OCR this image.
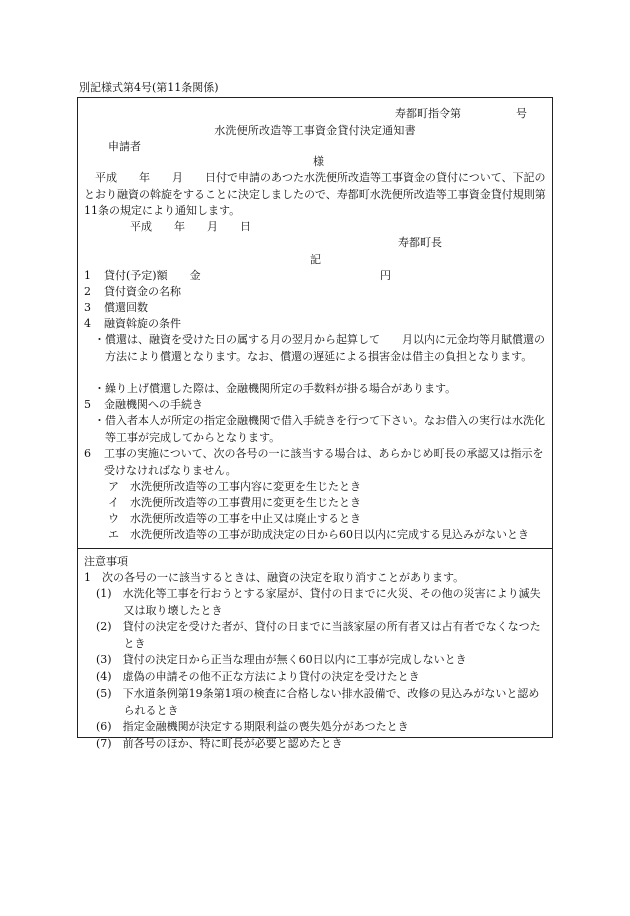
別記様式第4号(第11条関係)
寿都町指令第　　　　　号
水洗便所改造等工事資金貸付決定通知書
申請者
様
平成　　年　　月　　日付で申請のあつた水洗便所改造等工事資金の貸付について、下記のとおり融資の斡旋をすることに決定しましたので、寿都町水洗便所改造等工事資金貸付規則第11条の規定により通知します。
平成　　年　　月　　日
寿都町長
記
1 貸付(予定)額　　金	円
2 貸付資金の名称
3 償還回数
4 融資斡旋の条件
・償還は、融資を受けた日の属する月の翌月から起算して　　月以内に元金均等月賦償還の方法により償還となります。なお、償還の遅延による損害金は借主の負担となります。
・繰り上げ償還した際は、金融機関所定の手数料が掛る場合があります。
5 金融機関への手続き
・借入者本人が所定の指定金融機関で借入手続きを行つて下さい。なお借入の実行は水洗化等工事が完成してからとなります。
6 工事の実施について、次の各号の一に該当する場合は、あらかじめ町長の承認又は指示を受けなければなりません。
ア　水洗便所改造等の工事内容に変更を生じたとき
イ　水洗便所改造等の工事費用に変更を生じたとき
ウ　水洗便所改造等の工事を中止又は廃止するとき
エ　水洗便所改造等の工事が助成決定の日から60日以内に完成する見込みがないとき
注意事項
1　次の各号の一に該当するときは、融資の決定を取り消すことがあります。
(1)　水洗化等工事を行おうとする家屋が、貸付の日までに火災、その他の災害により滅失又は取り壊したとき
(2)　貸付の決定を受けた者が、貸付の日までに当該家屋の所有者又は占有者でなくなつたとき
(3)　貸付の決定日から正当な理由が無く60日以内に工事が完成しないとき
(4)　虚偽の申請その他不正な方法により貸付の決定を受けたとき
(5)　下水道条例第19条第1項の検査に合格しない排水設備で、改修の見込みがないと認められるとき
(6)　指定金融機関が決定する期限利益の喪失処分があつたとき
(7)　前各号のほか、特に町長が必要と認めたとき
